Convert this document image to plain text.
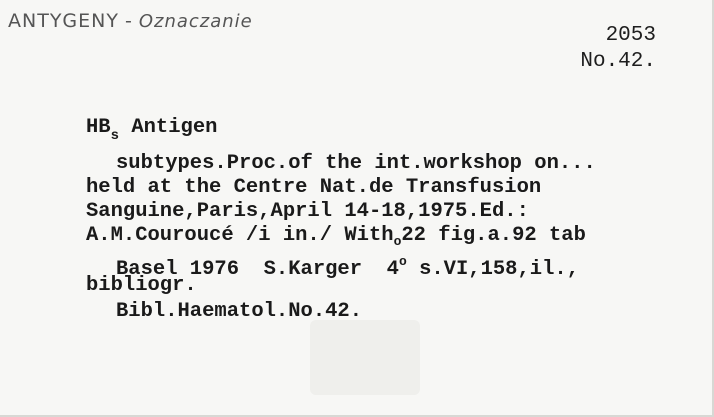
ANTYGENY - Oznaczanie
2053
No.42.
$HB_s$ Antigen
subtypes.Proc.of the int.workshop on...
held at the Centre Nat.de Transfusion
Sanguine,Paris,April 14-18,1975.Ed.:
A.M.Couroucé /i in./ With$_o$22 fig.a.92 tab
Basel 1976  S.Karger  4$^o$ s.VI,158,il.,
bibliogr.
Bibl.Haematol.No.42.
